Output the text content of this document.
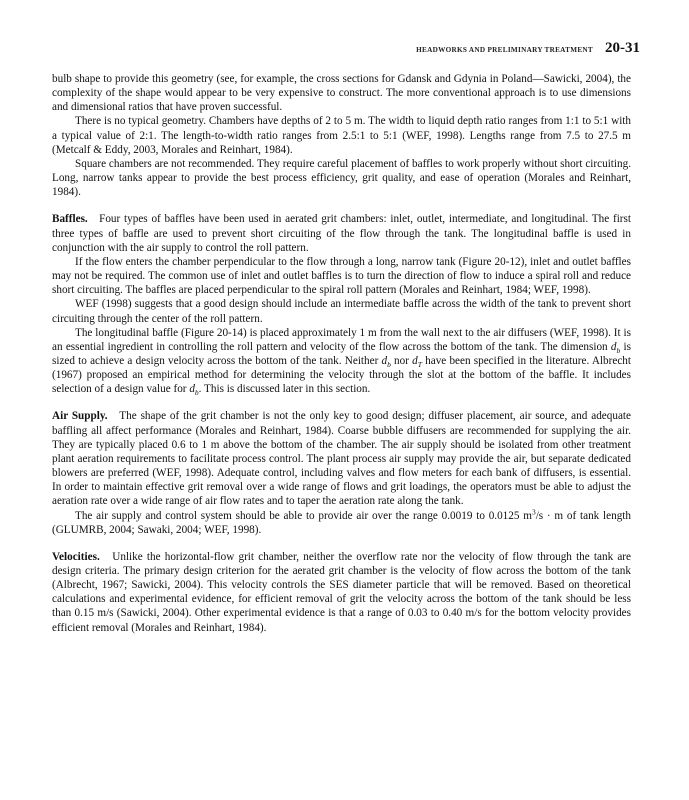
HEADWORKS AND PRELIMINARY TREATMENT 20-31

bulb shape to provide this geometry (see, for example, the cross sections for Gdansk and Gdynia in Poland—Sawicki, 2004), the complexity of the shape would appear to be very expensive to construct. The more conventional approach is to use dimensions and dimensional ratios that have proven successful.

There is no typical geometry. Chambers have depths of 2 to 5 m. The width to liquid depth ratio ranges from 1:1 to 5:1 with a typical value of 2:1. The length-to-width ratio ranges from 2.5:1 to 5:1 (WEF, 1998). Lengths range from 7.5 to 27.5 m (Metcalf & Eddy, 2003, Morales and Reinhart, 1984).

Square chambers are not recommended. They require careful placement of baffles to work properly without short circuiting. Long, narrow tanks appear to provide the best process efficiency, grit quality, and ease of operation (Morales and Reinhart, 1984).

Baffles. Four types of baffles have been used in aerated grit chambers: inlet, outlet, intermediate, and longitudinal. The first three types of baffle are used to prevent short circuiting of the flow through the tank. The longitudinal baffle is used in conjunction with the air supply to control the roll pattern.

If the flow enters the chamber perpendicular to the flow through a long, narrow tank (Figure 20-12), inlet and outlet baffles may not be required. The common use of inlet and outlet baffles is to turn the direction of flow to induce a spiral roll and reduce short circuiting. The baffles are placed perpendicular to the spiral roll pattern (Morales and Reinhart, 1984; WEF, 1998).

WEF (1998) suggests that a good design should include an intermediate baffle across the width of the tank to prevent short circuiting through the center of the roll pattern.

The longitudinal baffle (Figure 20-14) is placed approximately 1 m from the wall next to the air diffusers (WEF, 1998). It is an essential ingredient in controlling the roll pattern and velocity of the flow across the bottom of the tank. The dimension $d_b$ is sized to achieve a design velocity across the bottom of the tank. Neither $d_b$ nor $d_T$ have been specified in the literature. Albrecht (1967) proposed an empirical method for determining the velocity through the slot at the bottom of the baffle. It includes selection of a design value for $d_b$. This is discussed later in this section.

Air Supply. The shape of the grit chamber is not the only key to good design; diffuser placement, air source, and adequate baffling all affect performance (Morales and Reinhart, 1984). Coarse bubble diffusers are recommended for supplying the air. They are typically placed 0.6 to 1 m above the bottom of the chamber. The air supply should be isolated from other treatment plant aeration requirements to facilitate process control. The plant process air supply may provide the air, but separate dedicated blowers are preferred (WEF, 1998). Adequate control, including valves and flow meters for each bank of diffusers, is essential. In order to maintain effective grit removal over a wide range of flows and grit loadings, the operators must be able to adjust the aeration rate over a wide range of air flow rates and to taper the aeration rate along the tank.

The air supply and control system should be able to provide air over the range 0.0019 to 0.0125 $m^3/s \cdot m$ of tank length (GLUMRB, 2004; Sawaki, 2004; WEF, 1998).

Velocities. Unlike the horizontal-flow grit chamber, neither the overflow rate nor the velocity of flow through the tank are design criteria. The primary design criterion for the aerated grit chamber is the velocity of flow across the bottom of the tank (Albrecht, 1967; Sawicki, 2004). This velocity controls the SES diameter particle that will be removed. Based on theoretical calculations and experimental evidence, for efficient removal of grit the velocity across the bottom of the tank should be less than 0.15 m/s (Sawicki, 2004). Other experimental evidence is that a range of 0.03 to 0.40 m/s for the bottom velocity provides efficient removal (Morales and Reinhart, 1984).
